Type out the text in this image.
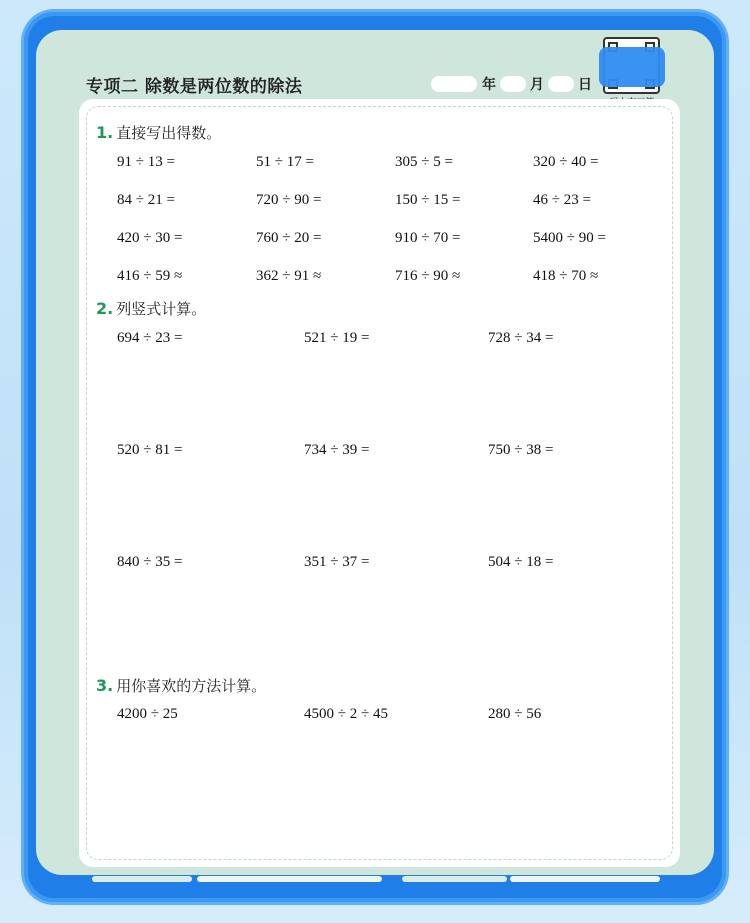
专项二 除数是两位数的除法	年 月 日
1. 直接写出得数。
91 ÷ 13 =	51 ÷ 17 =	305 ÷ 5 =	320 ÷ 40 =
84 ÷ 21 =	720 ÷ 90 =	150 ÷ 15 =	46 ÷ 23 =
420 ÷ 30 =	760 ÷ 20 =	910 ÷ 70 =	5400 ÷ 90 =
416 ÷ 59 ≈	362 ÷ 91 ≈	716 ÷ 90 ≈	418 ÷ 70 ≈
2. 列竖式计算。
694 ÷ 23 =	521 ÷ 19 =	728 ÷ 34 =
520 ÷ 81 =	734 ÷ 39 =	750 ÷ 38 =
840 ÷ 35 =	351 ÷ 37 =	504 ÷ 18 =
3. 用你喜欢的方法计算。
4200 ÷ 25	4500 ÷ 2 ÷ 45	280 ÷ 56
